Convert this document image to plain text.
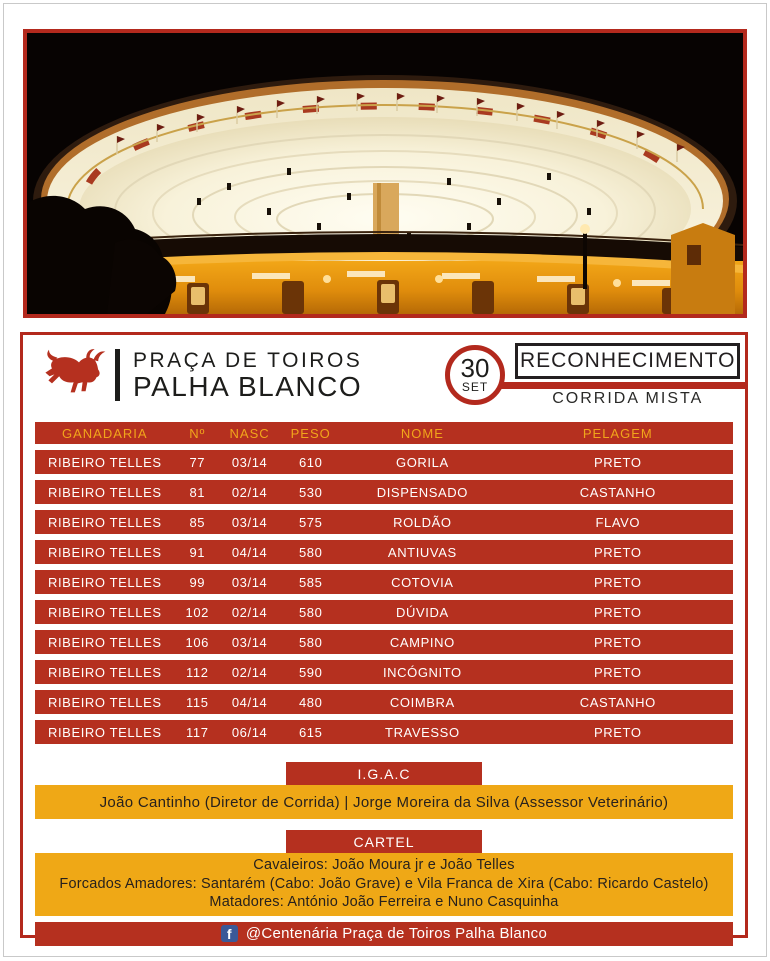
PRAÇA DE TOIROS
PALHA BLANCO
30
SET
RECONHECIMENTO
CORRIDA MISTA
GANADARIA	Nº	NASC	PESO	NOME	PELAGEM
RIBEIRO TELLES	77	03/14	610	GORILA	PRETO
RIBEIRO TELLES	81	02/14	530	DISPENSADO	CASTANHO
RIBEIRO TELLES	85	03/14	575	ROLDÃO	FLAVO
RIBEIRO TELLES	91	04/14	580	ANTIUVAS	PRETO
RIBEIRO TELLES	99	03/14	585	COTOVIA	PRETO
RIBEIRO TELLES	102	02/14	580	DÚVIDA	PRETO
RIBEIRO TELLES	106	03/14	580	CAMPINO	PRETO
RIBEIRO TELLES	112	02/14	590	INCÓGNITO	PRETO
RIBEIRO TELLES	115	04/14	480	COIMBRA	CASTANHO
RIBEIRO TELLES	117	06/14	615	TRAVESSO	PRETO
I.G.A.C
João Cantinho (Diretor de Corrida) | Jorge Moreira da Silva (Assessor Veterinário)
CARTEL
Cavaleiros: João Moura jr e João Telles
Forcados Amadores: Santarém (Cabo: João Grave) e Vila Franca de Xira (Cabo: Ricardo Castelo)
Matadores: António João Ferreira e Nuno Casquinha
f @Centenária Praça de Toiros Palha Blanco
